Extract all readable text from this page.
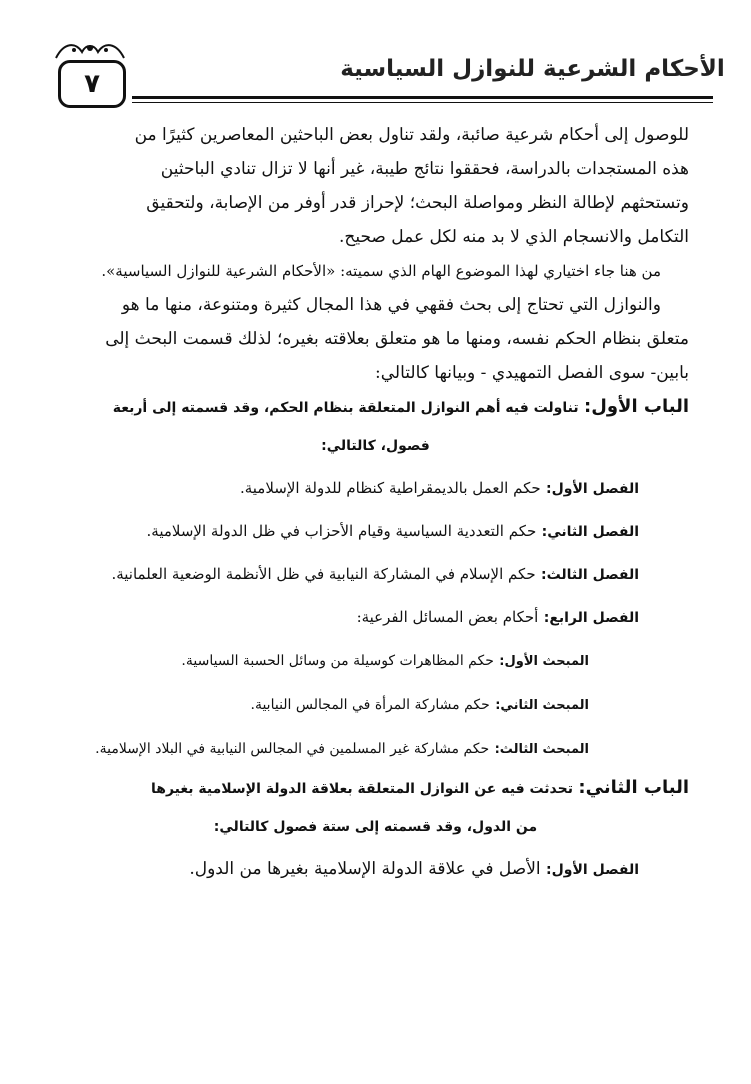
الأحكام الشرعية للنوازل السياسية
٧
للوصول إلى أحكام شرعية صائبة، ولقد تناول بعض الباحثين المعاصرين كثيرًا من
هذه المستجدات بالدراسة، فحققوا نتائج طيبة، غير أنها لا تزال تنادي الباحثين
وتستحثهم لإطالة النظر ومواصلة البحث؛ لإحراز قدر أوفر من الإصابة، ولتحقيق
التكامل والانسجام الذي لا بد منه لكل عمل صحيح.
من هنا جاء اختياري لهذا الموضوع الهام الذي سميته: «الأحكام الشرعية للنوازل السياسية».
والنوازل التي تحتاج إلى بحث فقهي في هذا المجال كثيرة ومتنوعة، منها ما هو
متعلق بنظام الحكم نفسه، ومنها ما هو متعلق بعلاقته بغيره؛ لذلك قسمت البحث إلى
بابين- سوى الفصل التمهيدي - وبيانها كالتالي:
الباب الأول: تناولت فيه أهم النوازل المتعلقة بنظام الحكم، وقد قسمته إلى أربعة
فصول، كالتالي:
الفصل الأول: حكم العمل بالديمقراطية كنظام للدولة الإسلامية.
الفصل الثاني: حكم التعددية السياسية وقيام الأحزاب في ظل الدولة الإسلامية.
الفصل الثالث: حكم الإسلام في المشاركة النيابية في ظل الأنظمة الوضعية العلمانية.
الفصل الرابع: أحكام بعض المسائل الفرعية:
المبحث الأول: حكم المظاهرات كوسيلة من وسائل الحسبة السياسية.
المبحث الثاني: حكم مشاركة المرأة في المجالس النيابية.
المبحث الثالث: حكم مشاركة غير المسلمين في المجالس النيابية في البلاد الإسلامية.
الباب الثاني: تحدثت فيه عن النوازل المتعلقة بعلاقة الدولة الإسلامية بغيرها
من الدول، وقد قسمته إلى ستة فصول كالتالي:
الفصل الأول: الأصل في علاقة الدولة الإسلامية بغيرها من الدول.
